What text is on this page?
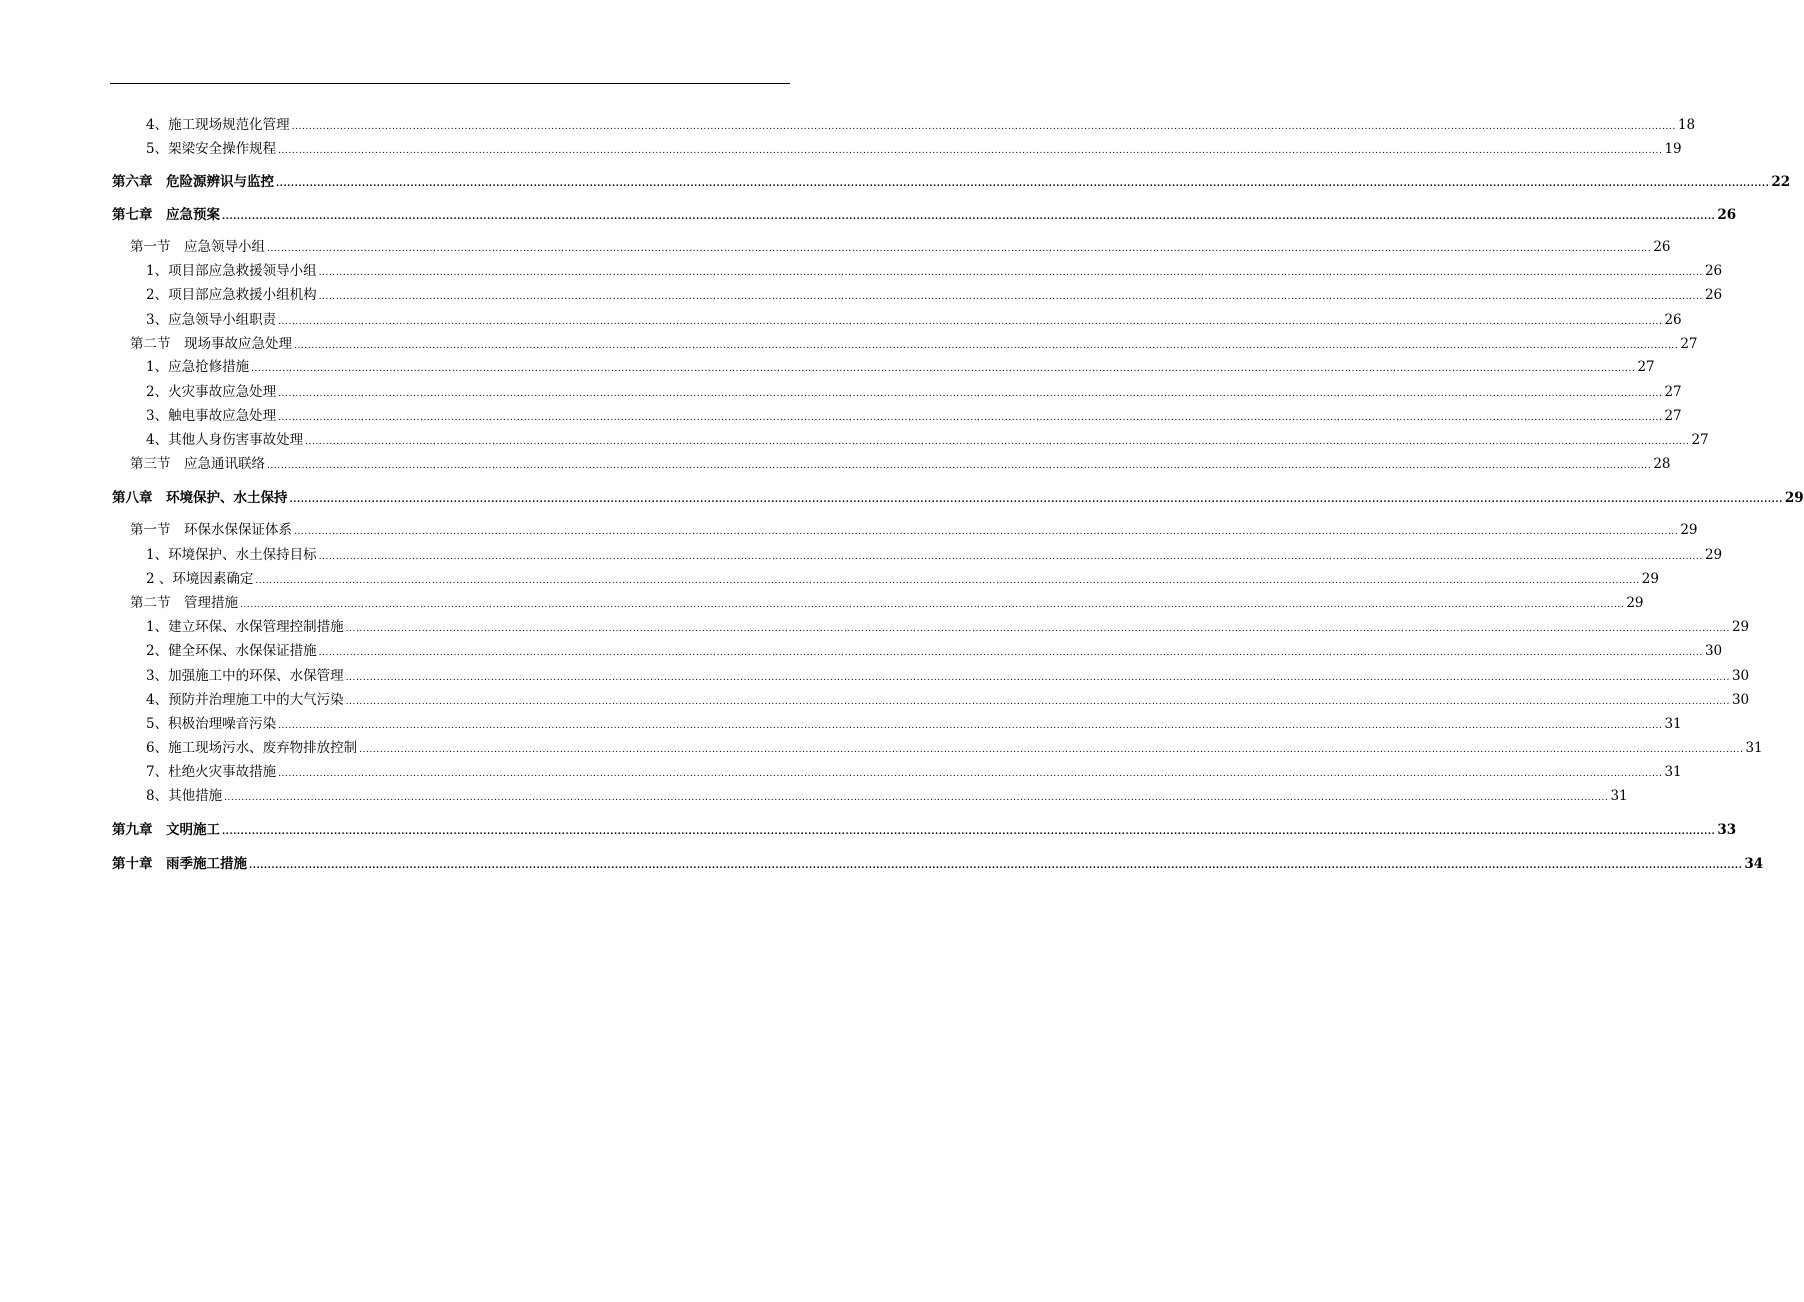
4、施工现场规范化管理 ................................................................................................................................................................................................................................................................................................................................................................................................................ 18
5、架梁安全操作规程 ................................................................................................................................................................................................................................................................................................................................................................................................................ 19
第六章　危险源辨识与监控 ................................................................................................................................................................................................................................................................................................................................................................................................................ 22
第七章　应急预案 ................................................................................................................................................................................................................................................................................................................................................................................................................ 26
第一节　应急领导小组 ................................................................................................................................................................................................................................................................................................................................................................................................................ 26
1、项目部应急救援领导小组 ................................................................................................................................................................................................................................................................................................................................................................................................................ 26
2、项目部应急救援小组机构 ................................................................................................................................................................................................................................................................................................................................................................................................................ 26
3、应急领导小组职责 ................................................................................................................................................................................................................................................................................................................................................................................................................ 26
第二节　现场事故应急处理 ................................................................................................................................................................................................................................................................................................................................................................................................................ 27
1、应急抢修措施 ................................................................................................................................................................................................................................................................................................................................................................................................................ 27
2、火灾事故应急处理 ................................................................................................................................................................................................................................................................................................................................................................................................................ 27
3、触电事故应急处理 ................................................................................................................................................................................................................................................................................................................................................................................................................ 27
4、其他人身伤害事故处理 ................................................................................................................................................................................................................................................................................................................................................................................................................ 27
第三节　应急通讯联络 ................................................................................................................................................................................................................................................................................................................................................................................................................ 28
第八章　环境保护、水土保持 ................................................................................................................................................................................................................................................................................................................................................................................................................ 29
第一节　环保水保保证体系 ................................................................................................................................................................................................................................................................................................................................................................................................................ 29
1、环境保护、水土保持目标 ................................................................................................................................................................................................................................................................................................................................................................................................................ 29
2 、环境因素确定 ................................................................................................................................................................................................................................................................................................................................................................................................................ 29
第二节　管理措施 ................................................................................................................................................................................................................................................................................................................................................................................................................ 29
1、建立环保、水保管理控制措施 ................................................................................................................................................................................................................................................................................................................................................................................................................ 29
2、健全环保、水保保证措施 ................................................................................................................................................................................................................................................................................................................................................................................................................ 30
3、加强施工中的环保、水保管理 ................................................................................................................................................................................................................................................................................................................................................................................................................ 30
4、预防并治理施工中的大气污染 ................................................................................................................................................................................................................................................................................................................................................................................................................ 30
5、积极治理噪音污染 ................................................................................................................................................................................................................................................................................................................................................................................................................ 31
6、施工现场污水、废弃物排放控制 ................................................................................................................................................................................................................................................................................................................................................................................................................ 31
7、杜绝火灾事故措施 ................................................................................................................................................................................................................................................................................................................................................................................................................ 31
8、其他措施 ................................................................................................................................................................................................................................................................................................................................................................................................................ 31
第九章　文明施工 ................................................................................................................................................................................................................................................................................................................................................................................................................ 33
第十章　雨季施工措施 ................................................................................................................................................................................................................................................................................................................................................................................................................ 34
